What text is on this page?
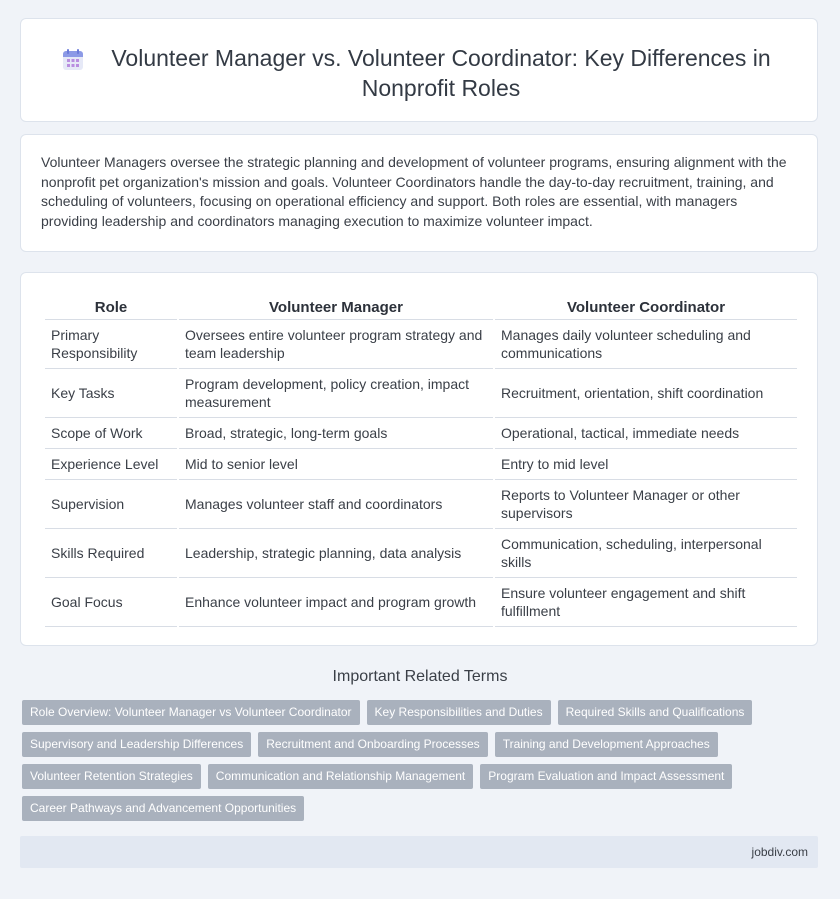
Volunteer Manager vs. Volunteer Coordinator: Key Differences in Nonprofit Roles

Volunteer Managers oversee the strategic planning and development of volunteer programs, ensuring alignment with the nonprofit pet organization's mission and goals. Volunteer Coordinators handle the day-to-day recruitment, training, and scheduling of volunteers, focusing on operational efficiency and support. Both roles are essential, with managers providing leadership and coordinators managing execution to maximize volunteer impact.

Role	Volunteer Manager	Volunteer Coordinator
Primary Responsibility	Oversees entire volunteer program strategy and team leadership	Manages daily volunteer scheduling and communications
Key Tasks	Program development, policy creation, impact measurement	Recruitment, orientation, shift coordination
Scope of Work	Broad, strategic, long-term goals	Operational, tactical, immediate needs
Experience Level	Mid to senior level	Entry to mid level
Supervision	Manages volunteer staff and coordinators	Reports to Volunteer Manager or other supervisors
Skills Required	Leadership, strategic planning, data analysis	Communication, scheduling, interpersonal skills
Goal Focus	Enhance volunteer impact and program growth	Ensure volunteer engagement and shift fulfillment
Important Related Terms
Role Overview: Volunteer Manager vs Volunteer Coordinator	Key Responsibilities and Duties	Required Skills and Qualifications
Supervisory and Leadership Differences	Recruitment and Onboarding Processes	Training and Development Approaches
Volunteer Retention Strategies	Communication and Relationship Management	Program Evaluation and Impact Assessment
Career Pathways and Advancement Opportunities
jobdiv.com
